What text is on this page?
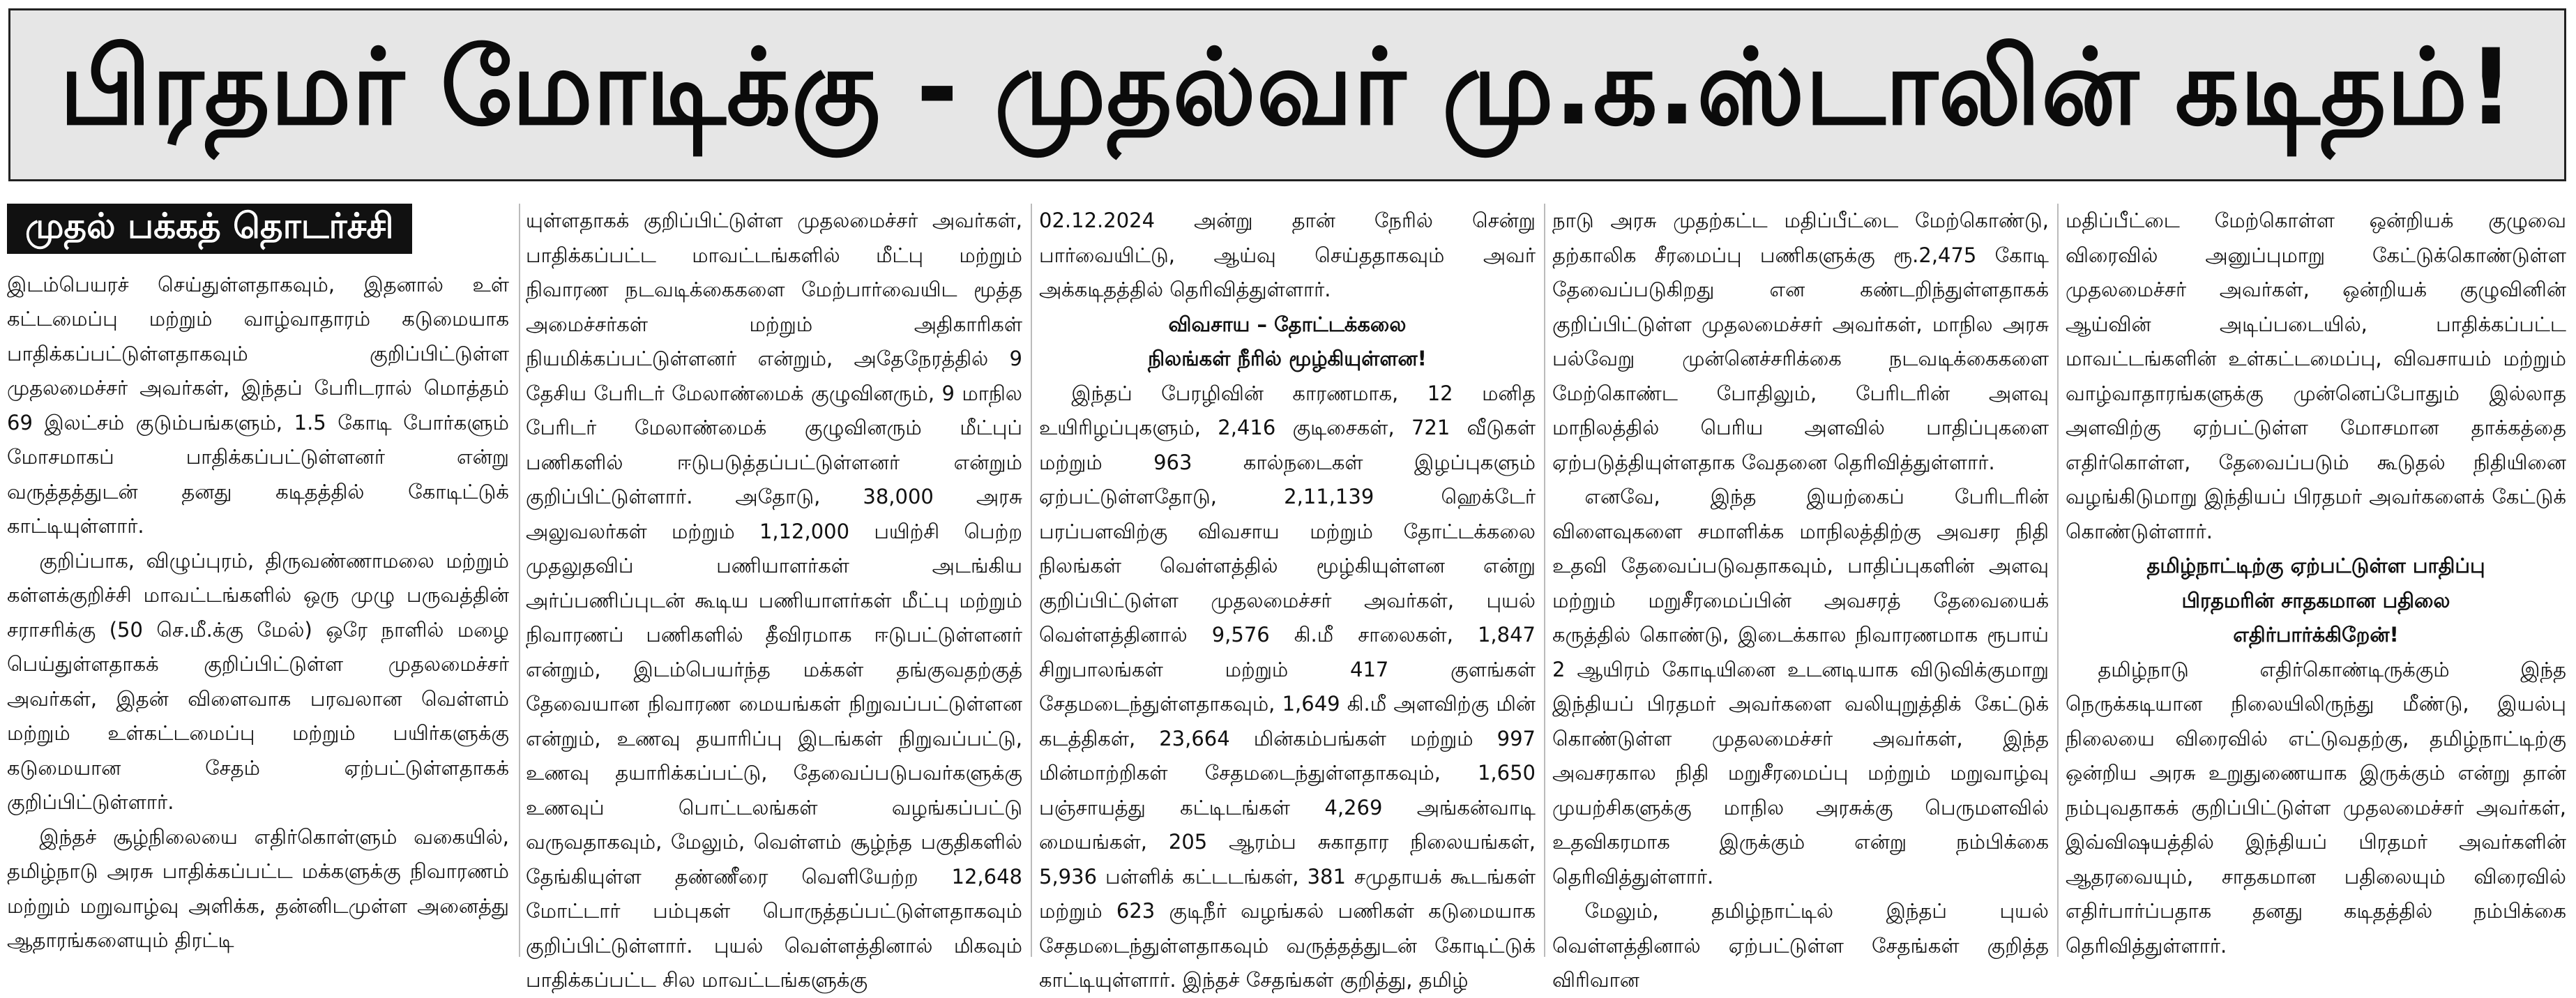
பிரதமர் மோடிக்கு - முதல்வர் மு.க.ஸ்டாலின் கடிதம்!
முதல் பக்கத் தொடர்ச்சி

இடம்பெயரச் செய்துள்ளதாகவும், இதனால் உள் கட்டமைப்பு மற்றும் வாழ்வாதாரம் கடுமையாக பாதிக்கப்பட்டுள்ளதாகவும் குறிப்பிட்டுள்ள முதலமைச்சர் அவர்கள், இந்தப் பேரிடரால் மொத்தம் 69 இலட்சம் குடும்பங்களும், 1.5 கோடி போர்களும் மோசமாகப் பாதிக்கப்பட்டுள்ளனர் என்று வருத்தத்துடன் தனது கடிதத்தில் கோடிட்டுக் காட்டியுள்ளார்.

குறிப்பாக, விழுப்புரம், திருவண்ணாமலை மற்றும் கள்ளக்குறிச்சி மாவட்டங்களில் ஒரு முழு பருவத்தின் சராசரிக்கு (50 செ.மீ.க்கு மேல்) ஒரே நாளில் மழை பெய்துள்ளதாகக் குறிப்பிட்டுள்ள முதலமைச்சர் அவர்கள், இதன் விளைவாக பரவலான வெள்ளம் மற்றும் உள்கட்டமைப்பு மற்றும் பயிர்களுக்கு கடுமையான சேதம் ஏற்பட்டுள்ளதாகக் குறிப்பிட்டுள்ளார்.

இந்தச் சூழ்நிலையை எதிர்கொள்ளும் வகையில், தமிழ்நாடு அரசு பாதிக்கப்பட்ட மக்களுக்கு நிவாரணம் மற்றும் மறுவாழ்வு அளிக்க, தன்னிடமுள்ள அனைத்து ஆதாரங்களையும் திரட்டி

யுள்ளதாகக் குறிப்பிட்டுள்ள முதலமைச்சர் அவர்கள், பாதிக்கப்பட்ட மாவட்டங்களில் மீட்பு மற்றும் நிவாரண நடவடிக்கைகளை மேற்பார்வையிட மூத்த அமைச்சர்கள் மற்றும் அதிகாரிகள் நியமிக்கப்பட்டுள்ளனர் என்றும், அதேநேரத்தில் 9 தேசிய பேரிடர் மேலாண்மைக் குழுவினரும், 9 மாநில பேரிடர் மேலாண்மைக் குழுவினரும் மீட்புப் பணிகளில் ஈடுபடுத்தப்பட்டுள்ளனர் என்றும் குறிப்பிட்டுள்ளார். அதோடு, 38,000 அரசு அலுவலர்கள் மற்றும் 1,12,000 பயிற்சி பெற்ற முதலுதவிப் பணியாளர்கள் அடங்கிய அர்ப்பணிப்புடன் கூடிய பணியாளர்கள் மீட்பு மற்றும் நிவாரணப் பணிகளில் தீவிரமாக ஈடுபட்டுள்ளனர் என்றும், இடம்பெயர்ந்த மக்கள் தங்குவதற்குத் தேவையான நிவாரண மையங்கள் நிறுவப்பட்டுள்ளன என்றும், உணவு தயாரிப்பு இடங்கள் நிறுவப்பட்டு, உணவு தயாரிக்கப்பட்டு, தேவைப்படுபவர்களுக்கு உணவுப் பொட்டலங்கள் வழங்கப்பட்டு வருவதாகவும், மேலும், வெள்ளம் சூழ்ந்த பகுதிகளில் தேங்கியுள்ள தண்ணீரை வெளியேற்ற 12,648 மோட்டார் பம்புகள் பொருத்தப்பட்டுள்ளதாகவும் குறிப்பிட்டுள்ளார். புயல் வெள்ளத்தினால் மிகவும் பாதிக்கப்பட்ட சில மாவட்டங்களுக்கு

02.12.2024 அன்று தான் நேரில் சென்று பார்வையிட்டு, ஆய்வு செய்ததாகவும் அவர் அக்கடிதத்தில் தெரிவித்துள்ளார்.

விவசாய – தோட்டக்கலை

நிலங்கள் நீரில் மூழ்கியுள்ளன!

இந்தப் பேரழிவின் காரணமாக, 12 மனித உயிரிழப்புகளும், 2,416 குடிசைகள், 721 வீடுகள் மற்றும் 963 கால்நடைகள் இழப்புகளும் ஏற்பட்டுள்ளதோடு, 2,11,139 ஹெக்டேர் பரப்பளவிற்கு விவசாய மற்றும் தோட்டக்கலை நிலங்கள் வெள்ளத்தில் மூழ்கியுள்ளன என்று குறிப்பிட்டுள்ள முதலமைச்சர் அவர்கள், புயல் வெள்ளத்தினால் 9,576 கி.மீ சாலைகள், 1,847 சிறுபாலங்கள் மற்றும் 417 குளங்கள் சேதமடைந்துள்ளதாகவும், 1,649 கி.மீ அளவிற்கு மின் கடத்திகள், 23,664 மின்கம்பங்கள் மற்றும் 997 மின்மாற்றிகள் சேதமடைந்துள்ளதாகவும், 1,650 பஞ்சாயத்து கட்டிடங்கள் 4,269 அங்கன்வாடி மையங்கள், 205 ஆரம்ப சுகாதார நிலையங்கள், 5,936 பள்ளிக் கட்டடங்கள், 381 சமுதாயக் கூடங்கள் மற்றும் 623 குடிநீர் வழங்கல் பணிகள் கடுமையாக சேதமடைந்துள்ளதாகவும் வருத்தத்துடன் கோடிட்டுக் காட்டியுள்ளார். இந்தச் சேதங்கள் குறித்து, தமிழ்

நாடு அரசு முதற்கட்ட மதிப்பீட்டை மேற்கொண்டு, தற்காலிக சீரமைப்பு பணிகளுக்கு ரூ.2,475 கோடி தேவைப்படுகிறது என கண்டறிந்துள்ளதாகக் குறிப்பிட்டுள்ள முதலமைச்சர் அவர்கள், மாநில அரசு பல்வேறு முன்னெச்சரிக்கை நடவடிக்கைகளை மேற்கொண்ட போதிலும், பேரிடரின் அளவு மாநிலத்தில் பெரிய அளவில் பாதிப்புகளை ஏற்படுத்தியுள்ளதாக வேதனை தெரிவித்துள்ளார்.

எனவே, இந்த இயற்கைப் பேரிடரின் விளைவுகளை சமாளிக்க மாநிலத்திற்கு அவசர நிதி உதவி தேவைப்படுவதாகவும், பாதிப்புகளின் அளவு மற்றும் மறுசீரமைப்பின் அவசரத் தேவையைக் கருத்தில் கொண்டு, இடைக்கால நிவாரணமாக ரூபாய் 2 ஆயிரம் கோடியினை உடனடியாக விடுவிக்குமாறு இந்தியப் பிரதமர் அவர்களை வலியுறுத்திக் கேட்டுக் கொண்டுள்ள முதலமைச்சர் அவர்கள், இந்த அவசரகால நிதி மறுசீரமைப்பு மற்றும் மறுவாழ்வு முயற்சிகளுக்கு மாநில அரசுக்கு பெருமளவில் உதவிகரமாக இருக்கும் என்று நம்பிக்கை தெரிவித்துள்ளார்.

மேலும், தமிழ்நாட்டில் இந்தப் புயல் வெள்ளத்தினால் ஏற்பட்டுள்ள சேதங்கள் குறித்த விரிவான

மதிப்பீட்டை மேற்கொள்ள ஒன்றியக் குழுவை விரைவில் அனுப்புமாறு கேட்டுக்கொண்டுள்ள முதலமைச்சர் அவர்கள், ஒன்றியக் குழுவினின் ஆய்வின் அடிப்படையில், பாதிக்கப்பட்ட மாவட்டங்களின் உள்கட்டமைப்பு, விவசாயம் மற்றும் வாழ்வாதாரங்களுக்கு முன்னெப்போதும் இல்லாத அளவிற்கு ஏற்பட்டுள்ள மோசமான தாக்கத்தை எதிர்கொள்ள, தேவைப்படும் கூடுதல் நிதியினை வழங்கிடுமாறு இந்தியப் பிரதமர் அவர்களைக் கேட்டுக் கொண்டுள்ளார்.

தமிழ்நாட்டிற்கு ஏற்பட்டுள்ள பாதிப்பு

பிரதமரின் சாதகமான பதிலை

எதிர்பார்க்கிறேன்!

தமிழ்நாடு எதிர்கொண்டிருக்கும் இந்த நெருக்கடியான நிலையிலிருந்து மீண்டு, இயல்பு நிலையை விரைவில் எட்டுவதற்கு, தமிழ்நாட்டிற்கு ஒன்றிய அரசு உறுதுணையாக இருக்கும் என்று தான் நம்புவதாகக் குறிப்பிட்டுள்ள முதலமைச்சர் அவர்கள், இவ்விஷயத்தில் இந்தியப் பிரதமர் அவர்களின் ஆதரவையும், சாதகமான பதிலையும் விரைவில் எதிர்பார்ப்பதாக தனது கடிதத்தில் நம்பிக்கை தெரிவித்துள்ளார்.
